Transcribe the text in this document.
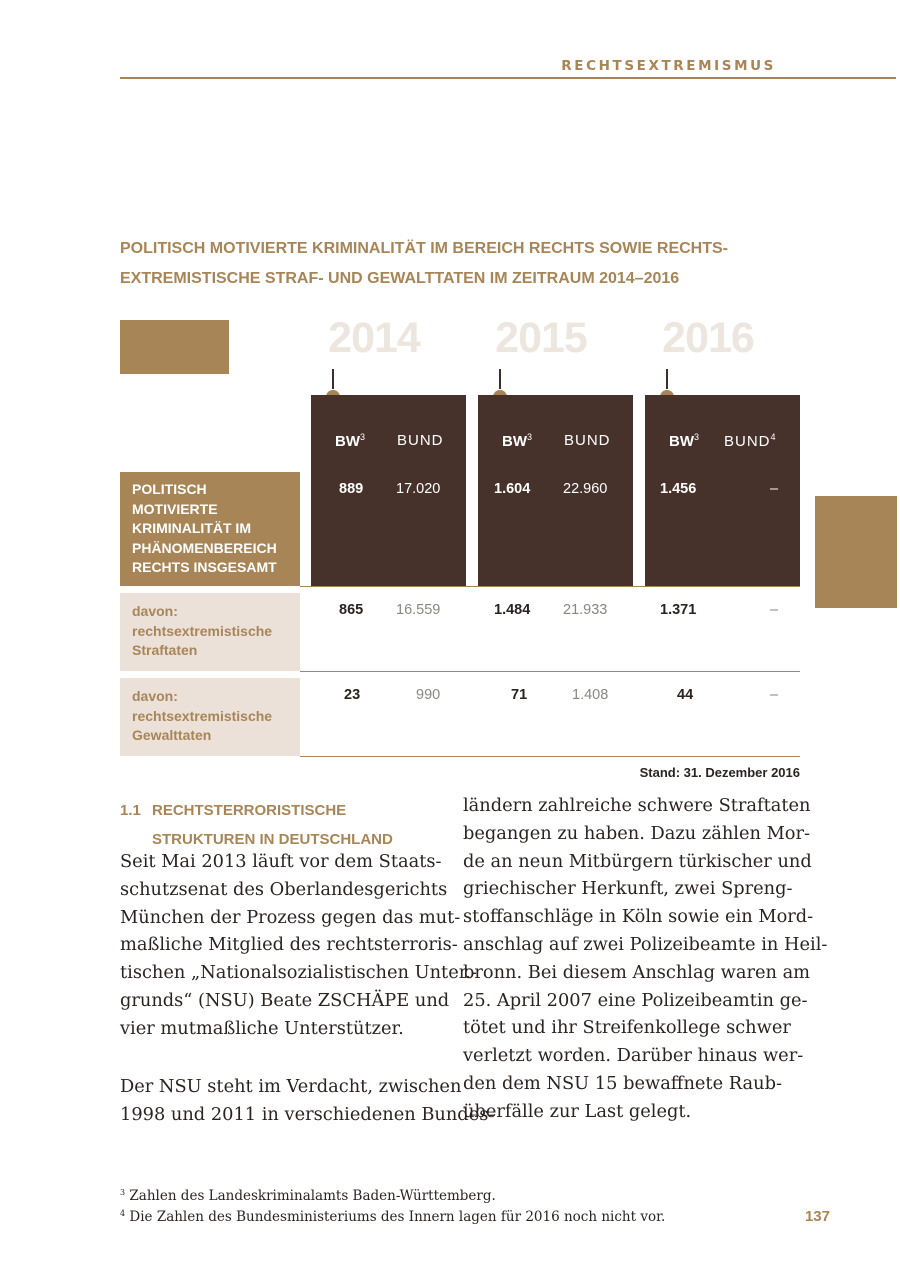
RECHTSEXTREMISMUS
POLITISCH MOTIVIERTE KRIMINALITÄT IM BEREICH RECHTS SOWIE RECHTS-
EXTREMISTISCHE STRAF- UND GEWALTTATEN IM ZEITRAUM 2014–2016
2014	2015	2016
$BW^3$ BUND	$BW^3$ BUND	$BW^3$ BUND$^4$
POLITISCH MOTIVIERTE
KRIMINALITÄT IM
PHÄNOMENBEREICH
RECHTS INSGESAMT
889 17.020	1.604 22.960	1.456	–
davon:
rechtsextremistische
Straftaten
865 16.559	1.484 21.933	1.371	–
davon:
rechtsextremistische
Gewalttaten
23	990	71	1.408	44	–
Stand: 31. Dezember 2016
1.1 RECHTSTERRORISTISCHE
STRUKTUREN IN DEUTSCHLAND
Seit Mai 2013 läuft vor dem Staats-
schutzsenat des Oberlandesgerichts
München der Prozess gegen das mut-
maßliche Mitglied des rechtsterroris-
tischen „Nationalsozialistischen Unter.-
grunds“ (NSU) Beate ZSCHÄPE und
vier mutmaßliche Unterstützer.
Der NSU steht im Verdacht, zwischen
1998 und 2011 in verschiedenen Bundes-
ländern zahlreiche schwere Straftaten
begangen zu haben. Dazu zählen Mor-
de an neun Mitbürgern türkischer und
griechischer Herkunft, zwei Spreng-
stoffanschläge in Köln sowie ein Mord-
anschlag auf zwei Polizeibeamte in Heil-
bronn. Bei diesem Anschlag waren am
25. April 2007 eine Polizeibeamtin ge-
tötet und ihr Streifenkollege schwer
verletzt worden. Darüber hinaus wer-
den dem NSU 15 bewaffnete Raub-
überfälle zur Last gelegt.
$^3$ Zahlen des Landeskriminalamts Baden-Württemberg.
$^4$ Die Zahlen des Bundesministeriums des Innern lagen für 2016 noch nicht vor.	137
